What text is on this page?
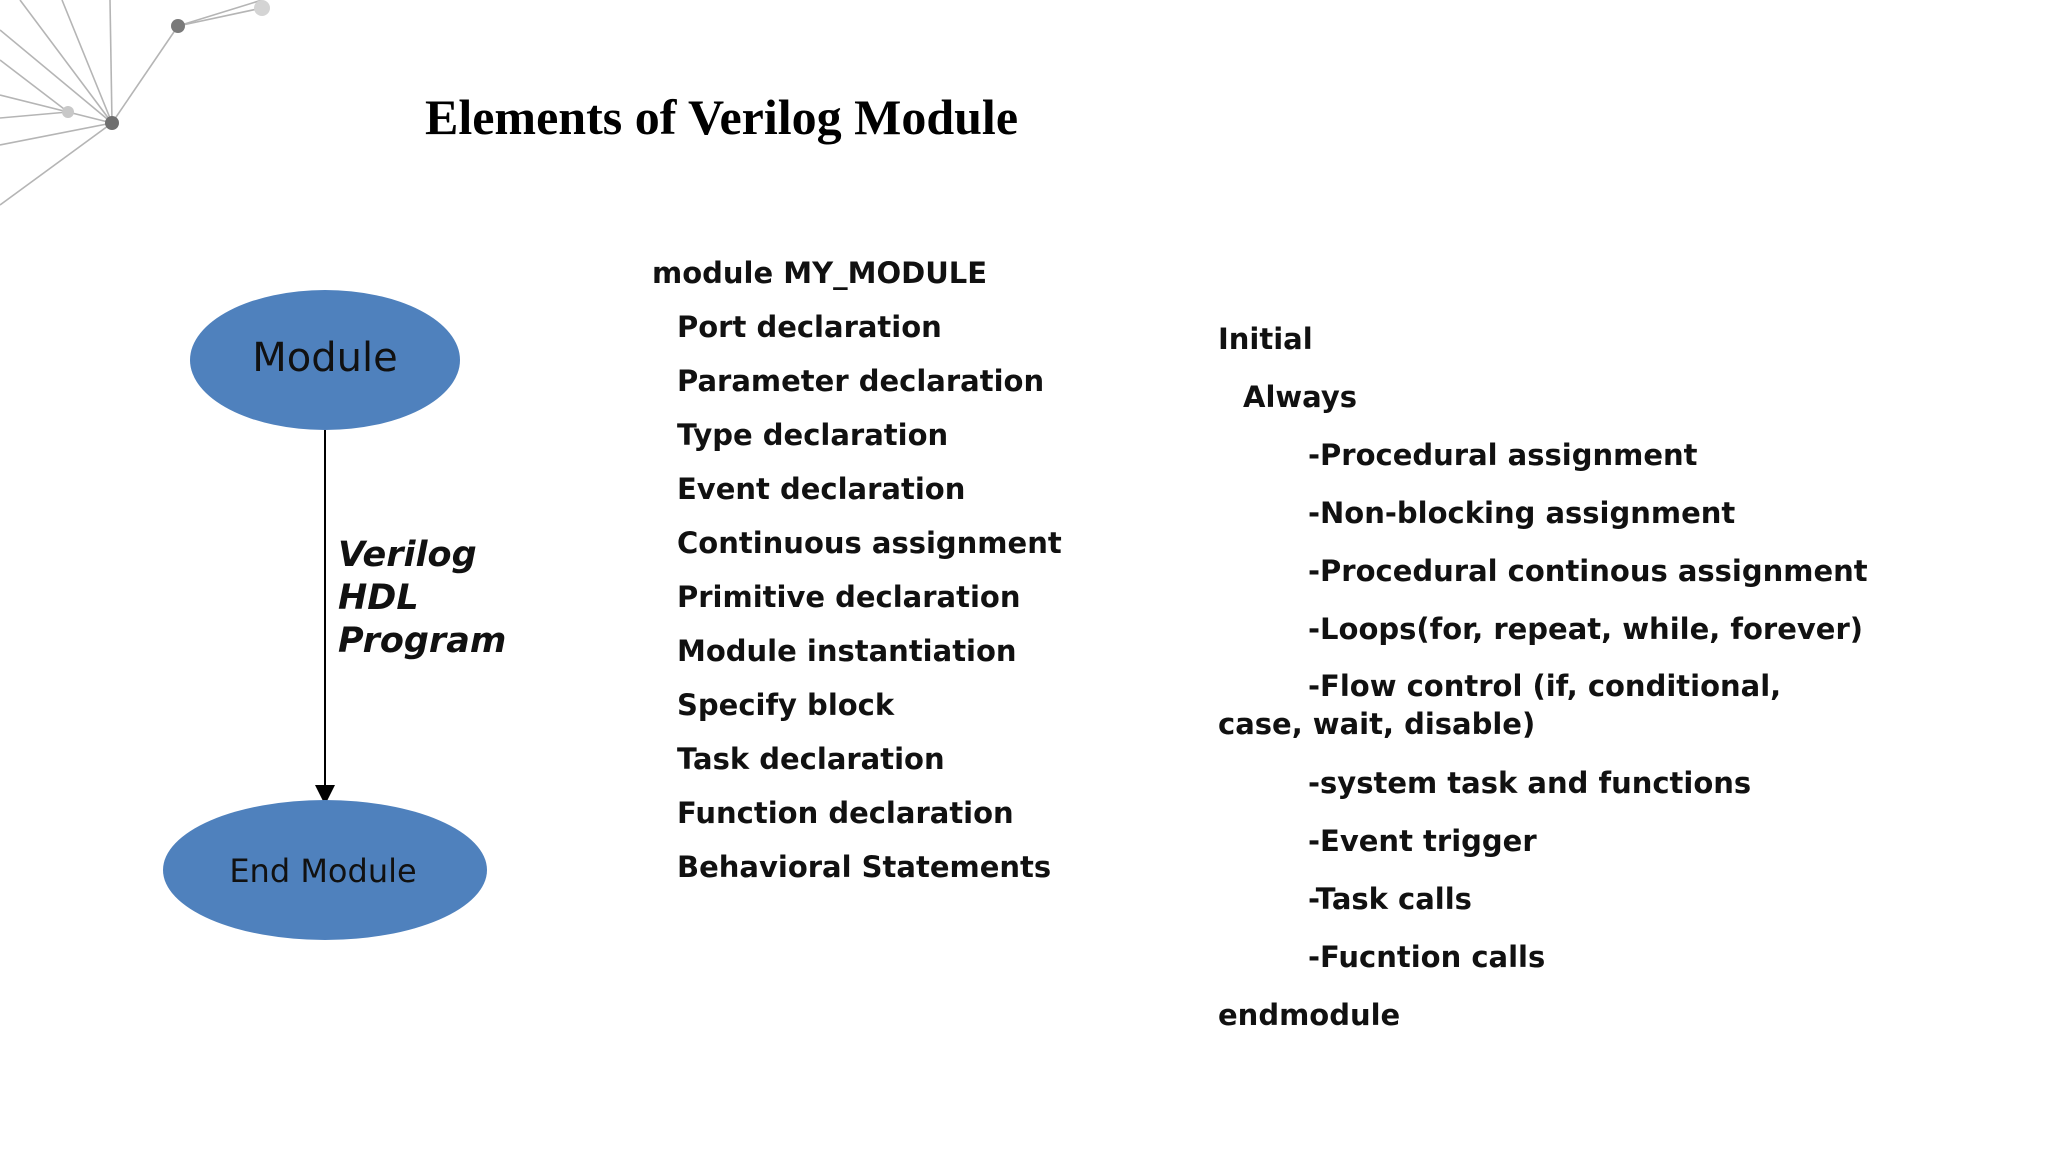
Elements of Verilog Module
Module
End Module
Verilog
HDL
Program
module MY_MODULE
Port declaration
Parameter declaration
Type declaration
Event declaration
Continuous assignment
Primitive declaration
Module instantiation
Specify block
Task declaration
Function declaration
Behavioral Statements
Initial
Always
-Procedural assignment
-Non-blocking assignment
-Procedural continous assignment
-Loops(for, repeat, while, forever)
-Flow control (if, conditional,
case, wait, disable)
-system task and functions
-Event trigger
-Task calls
-Fucntion calls
endmodule
